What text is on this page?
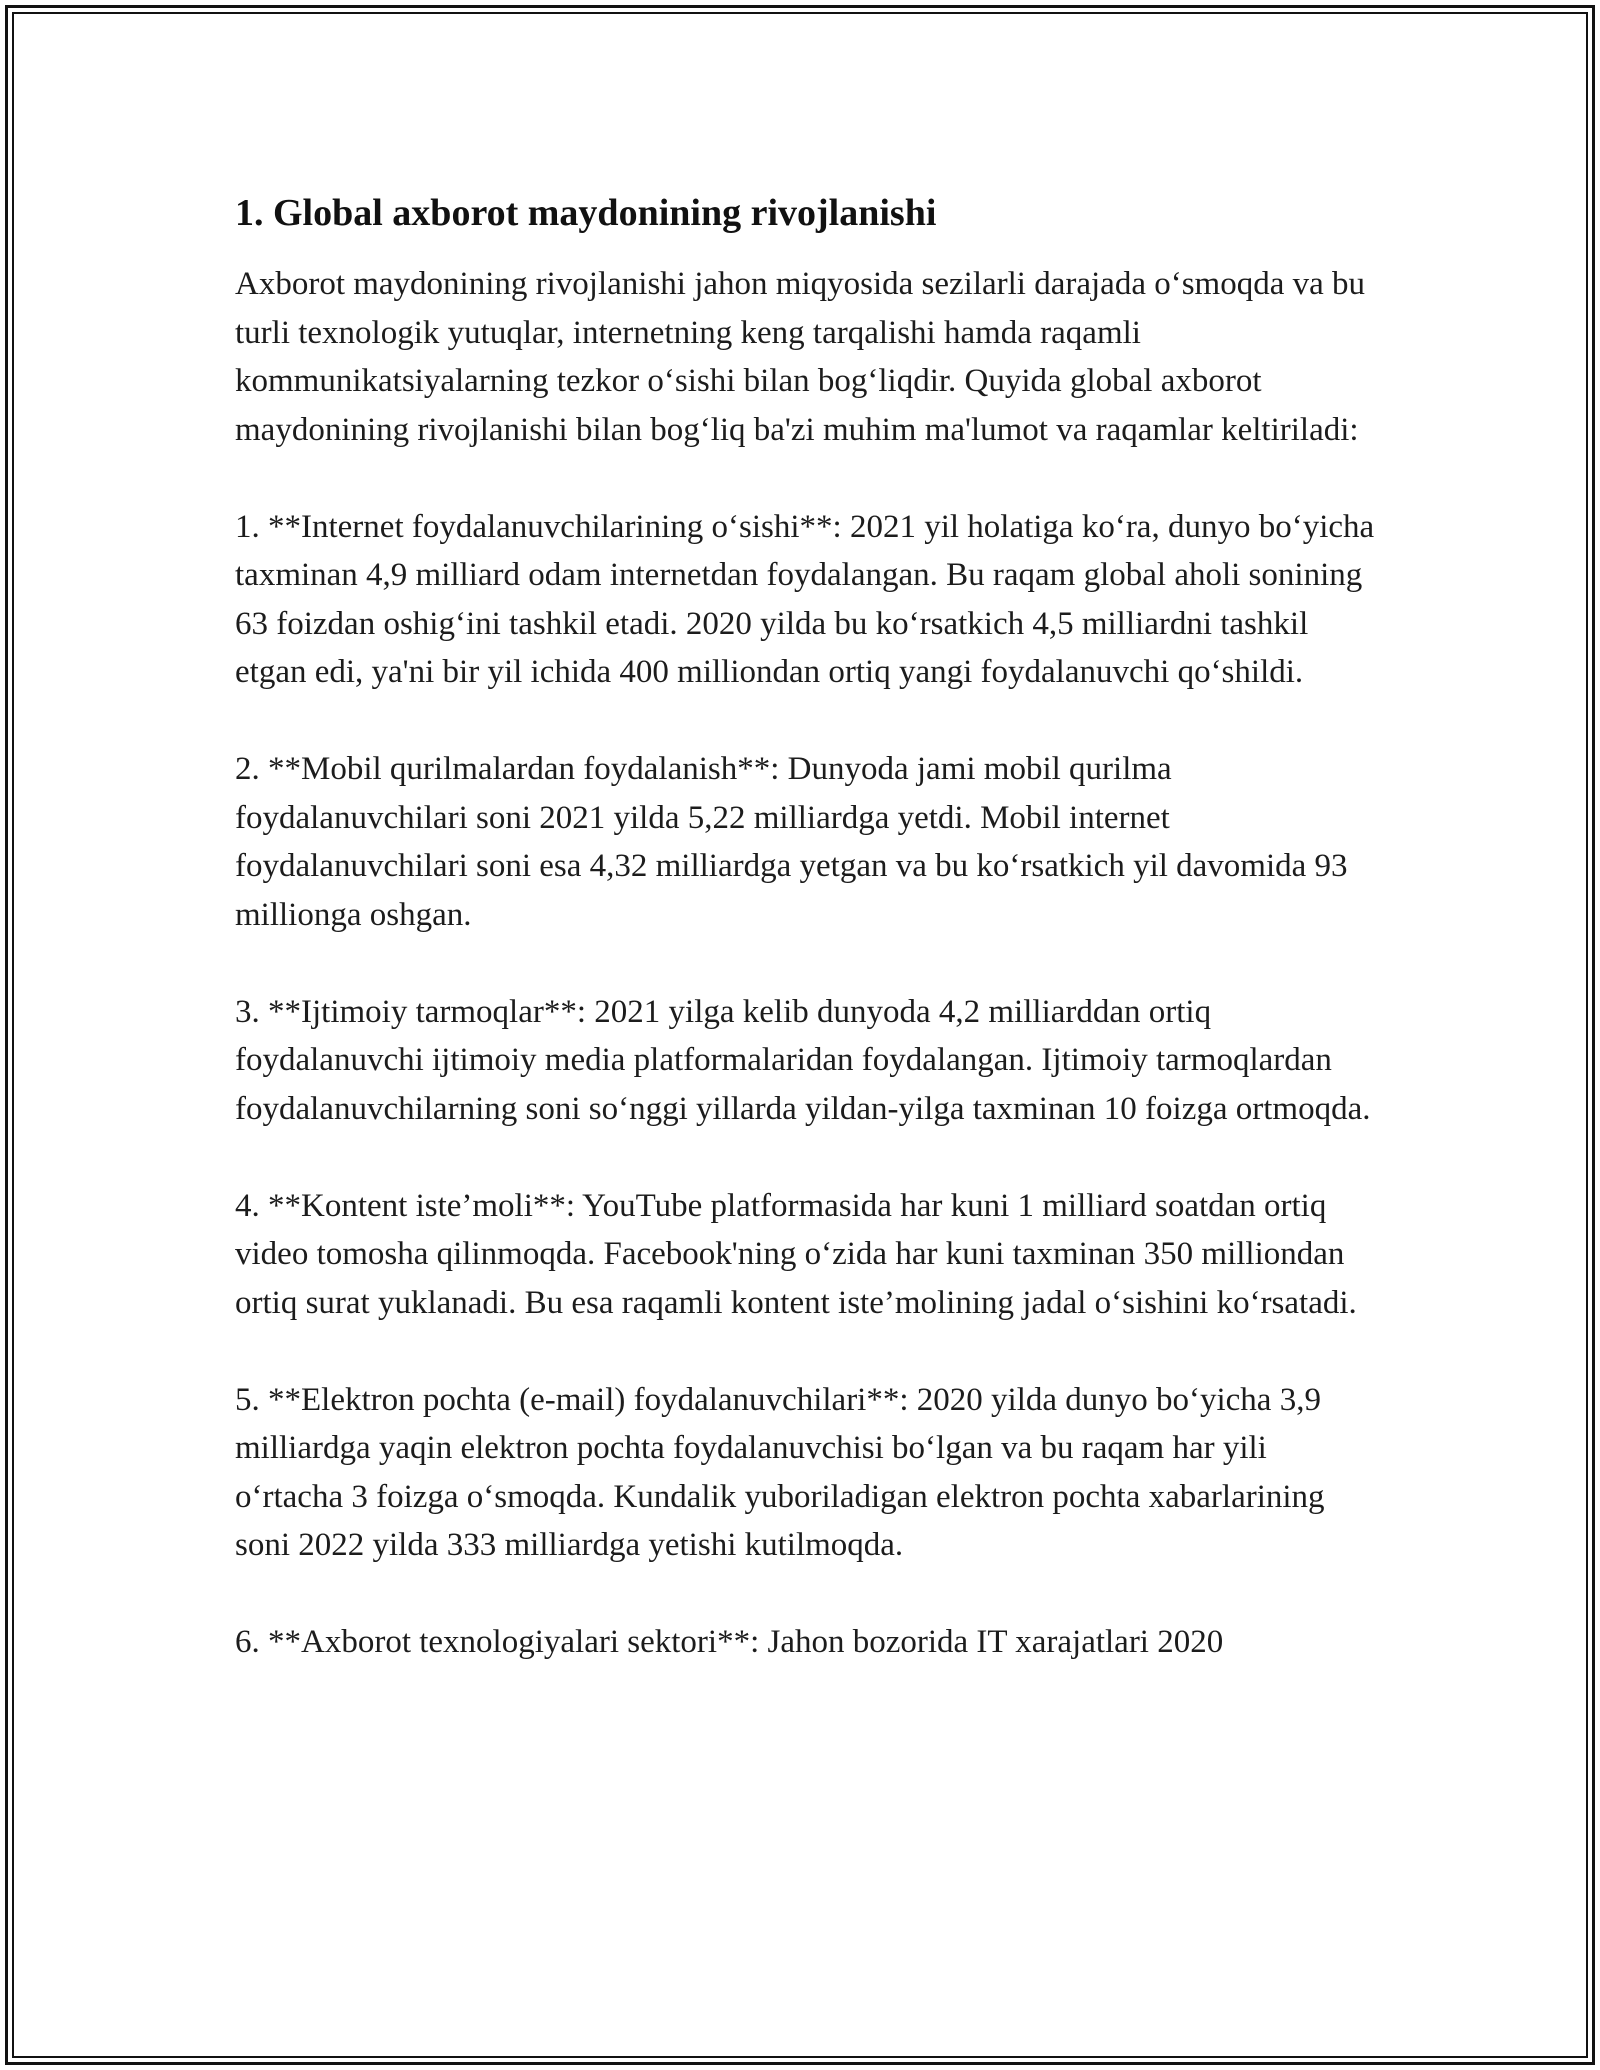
1. Global axborot maydonining rivojlanishi

Axborot maydonining rivojlanishi jahon miqyosida sezilarli darajada o‘smoqda va bu turli texnologik yutuqlar, internetning keng tarqalishi hamda raqamli kommunikatsiyalarning tezkor o‘sishi bilan bog‘liqdir. Quyida global axborot maydonining rivojlanishi bilan bog‘liq ba'zi muhim ma'lumot va raqamlar keltiriladi:

1. **Internet foydalanuvchilarining o‘sishi**: 2021 yil holatiga ko‘ra, dunyo bo‘yicha taxminan 4,9 milliard odam internetdan foydalangan. Bu raqam global aholi sonining 63 foizdan oshig‘ini tashkil etadi. 2020 yilda bu ko‘rsatkich 4,5 milliardni tashkil etgan edi, ya'ni bir yil ichida 400 milliondan ortiq yangi foydalanuvchi qo‘shildi.

2. **Mobil qurilmalardan foydalanish**: Dunyoda jami mobil qurilma foydalanuvchilari soni 2021 yilda 5,22 milliardga yetdi. Mobil internet foydalanuvchilari soni esa 4,32 milliardga yetgan va bu ko‘rsatkich yil davomida 93 millionga oshgan.

3. **Ijtimoiy tarmoqlar**: 2021 yilga kelib dunyoda 4,2 milliarddan ortiq foydalanuvchi ijtimoiy media platformalaridan foydalangan. Ijtimoiy tarmoqlardan foydalanuvchilarning soni so‘nggi yillarda yildan-yilga taxminan 10 foizga ortmoqda.

4. **Kontent iste’moli**: YouTube platformasida har kuni 1 milliard soatdan ortiq video tomosha qilinmoqda. Facebook'ning o‘zida har kuni taxminan 350 milliondan ortiq surat yuklanadi. Bu esa raqamli kontent iste’molining jadal o‘sishini ko‘rsatadi.

5. **Elektron pochta (e-mail) foydalanuvchilari**: 2020 yilda dunyo bo‘yicha 3,9 milliardga yaqin elektron pochta foydalanuvchisi bo‘lgan va bu raqam har yili o‘rtacha 3 foizga o‘smoqda. Kundalik yuboriladigan elektron pochta xabarlarining soni 2022 yilda 333 milliardga yetishi kutilmoqda.

6. **Axborot texnologiyalari sektori**: Jahon bozorida IT xarajatlari 2020
